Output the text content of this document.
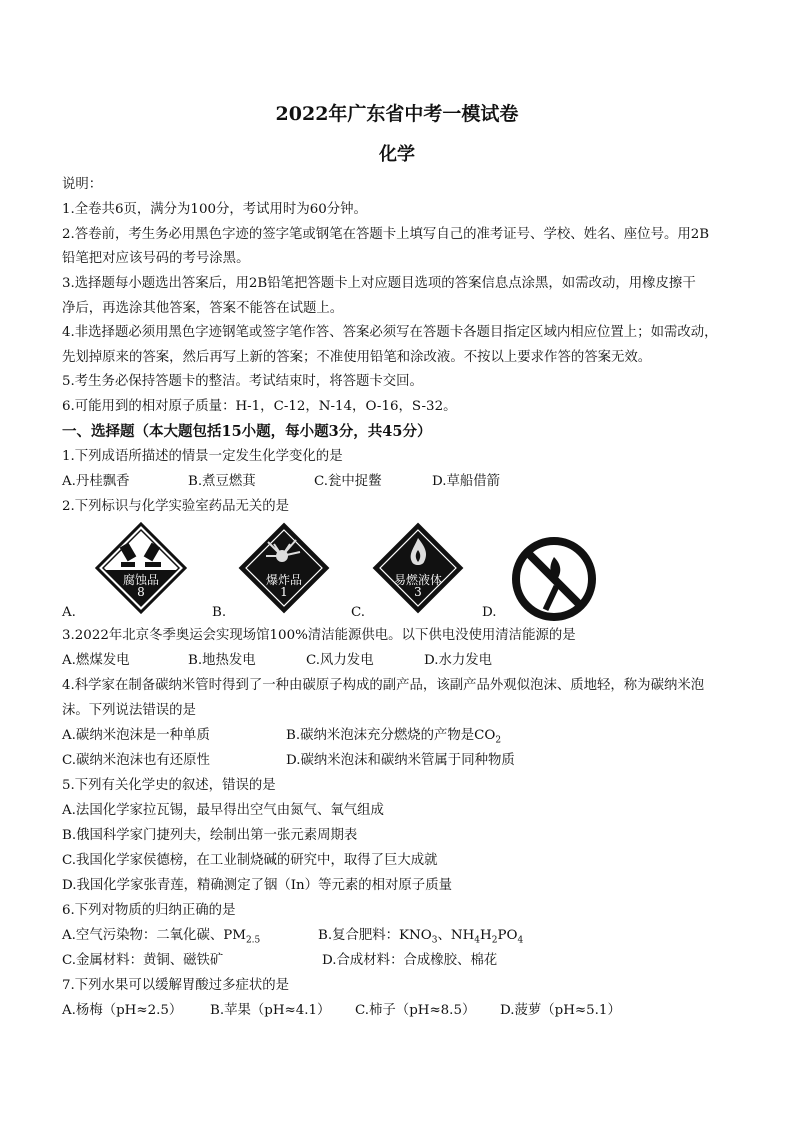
2022年广东省中考一模试卷
化学
说明：
1.全卷共6页，满分为100分，考试用时为60分钟。
2.答卷前，考生务必用黑色字迹的签字笔或钢笔在答题卡上填写自己的准考证号、学校、姓名、座位号。用2B
铅笔把对应该号码的考号涂黑。
3.选择题每小题选出答案后，用2B铅笔把答题卡上对应题目选项的答案信息点涂黑，如需改动，用橡皮擦干
净后，再选涂其他答案，答案不能答在试题上。
4.非选择题必须用黑色字迹钢笔或签字笔作答、答案必须写在答题卡各题目指定区域内相应位置上；如需改动，
先划掉原来的答案，然后再写上新的答案；不准使用铅笔和涂改液。不按以上要求作答的答案无效。
5.考生务必保持答题卡的整洁。考试结束时，将答题卡交回。
6.可能用到的相对原子质量：H-1，C-12，N-14，O-16，S-32。
一、选择题（本大题包括15小题，每小题3分，共45分）
1.下列成语所描述的情景一定发生化学变化的是
A.丹桂飘香	B.煮豆燃萁	C.瓮中捉鳖	D.草船借箭
2.下列标识与化学实验室药品无关的是
腐蚀品
8
爆炸品
1
易燃液体
3
A.	B.	C.	D.
3.2022年北京冬季奥运会实现场馆100%清洁能源供电。以下供电没使用清洁能源的是
A.燃煤发电	B.地热发电	C.风力发电	D.水力发电
4.科学家在制备碳纳米管时得到了一种由碳原子构成的副产品，该副产品外观似泡沫、质地轻，称为碳纳米泡
沫。下列说法错误的是
A.碳纳米泡沫是一种单质	B.碳纳米泡沫充分燃烧的产物是$CO_2$
C.碳纳米泡沫也有还原性	D.碳纳米泡沫和碳纳米管属于同种物质
5.下列有关化学史的叙述，错误的是
A.法国化学家拉瓦锡，最早得出空气由氮气、氧气组成
B.俄国科学家门捷列夫，绘制出第一张元素周期表
C.我国化学家侯德榜，在工业制烧碱的研究中，取得了巨大成就
D.我国化学家张青莲，精确测定了铟（In）等元素的相对原子质量
6.下列对物质的归纳正确的是
A.空气污染物：二氧化碳、$PM_{2.5}$	B.复合肥料：$KNO_3$、$NH_4H_2PO_4$
C.金属材料：黄铜、磁铁矿	D.合成材料：合成橡胶、棉花
7.下列水果可以缓解胃酸过多症状的是
A.杨梅（pH≈2.5） B.苹果（pH≈4.1） C.柿子（pH≈8.5） D.菠萝（pH≈5.1）
